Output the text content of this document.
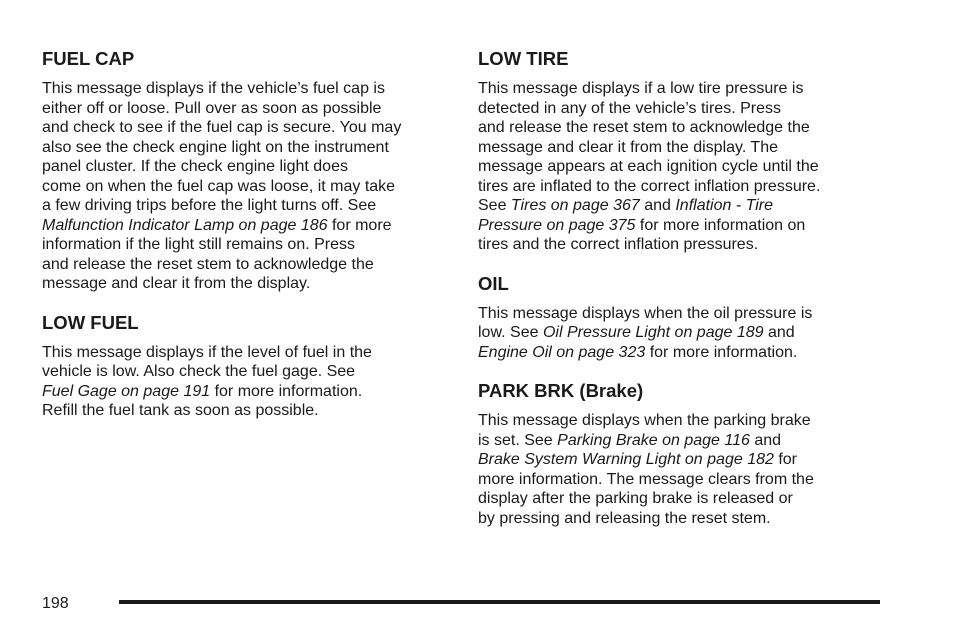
FUEL CAP

This message displays if the vehicle’s fuel cap is
either off or loose. Pull over as soon as possible
and check to see if the fuel cap is secure. You may
also see the check engine light on the instrument
panel cluster. If the check engine light does
come on when the fuel cap was loose, it may take
a few driving trips before the light turns off. See
Malfunction Indicator Lamp on page 186 for more
information if the light still remains on. Press
and release the reset stem to acknowledge the
message and clear it from the display.

LOW FUEL

This message displays if the level of fuel in the
vehicle is low. Also check the fuel gage. See
Fuel Gage on page 191 for more information.
Refill the fuel tank as soon as possible.

LOW TIRE

This message displays if a low tire pressure is
detected in any of the vehicle’s tires. Press
and release the reset stem to acknowledge the
message and clear it from the display. The
message appears at each ignition cycle until the
tires are inflated to the correct inflation pressure.
See Tires on page 367 and Inflation - Tire
Pressure on page 375 for more information on
tires and the correct inflation pressures.

OIL

This message displays when the oil pressure is
low. See Oil Pressure Light on page 189 and
Engine Oil on page 323 for more information.

PARK BRK (Brake)

This message displays when the parking brake
is set. See Parking Brake on page 116 and
Brake System Warning Light on page 182 for
more information. The message clears from the
display after the parking brake is released or
by pressing and releasing the reset stem.

198
